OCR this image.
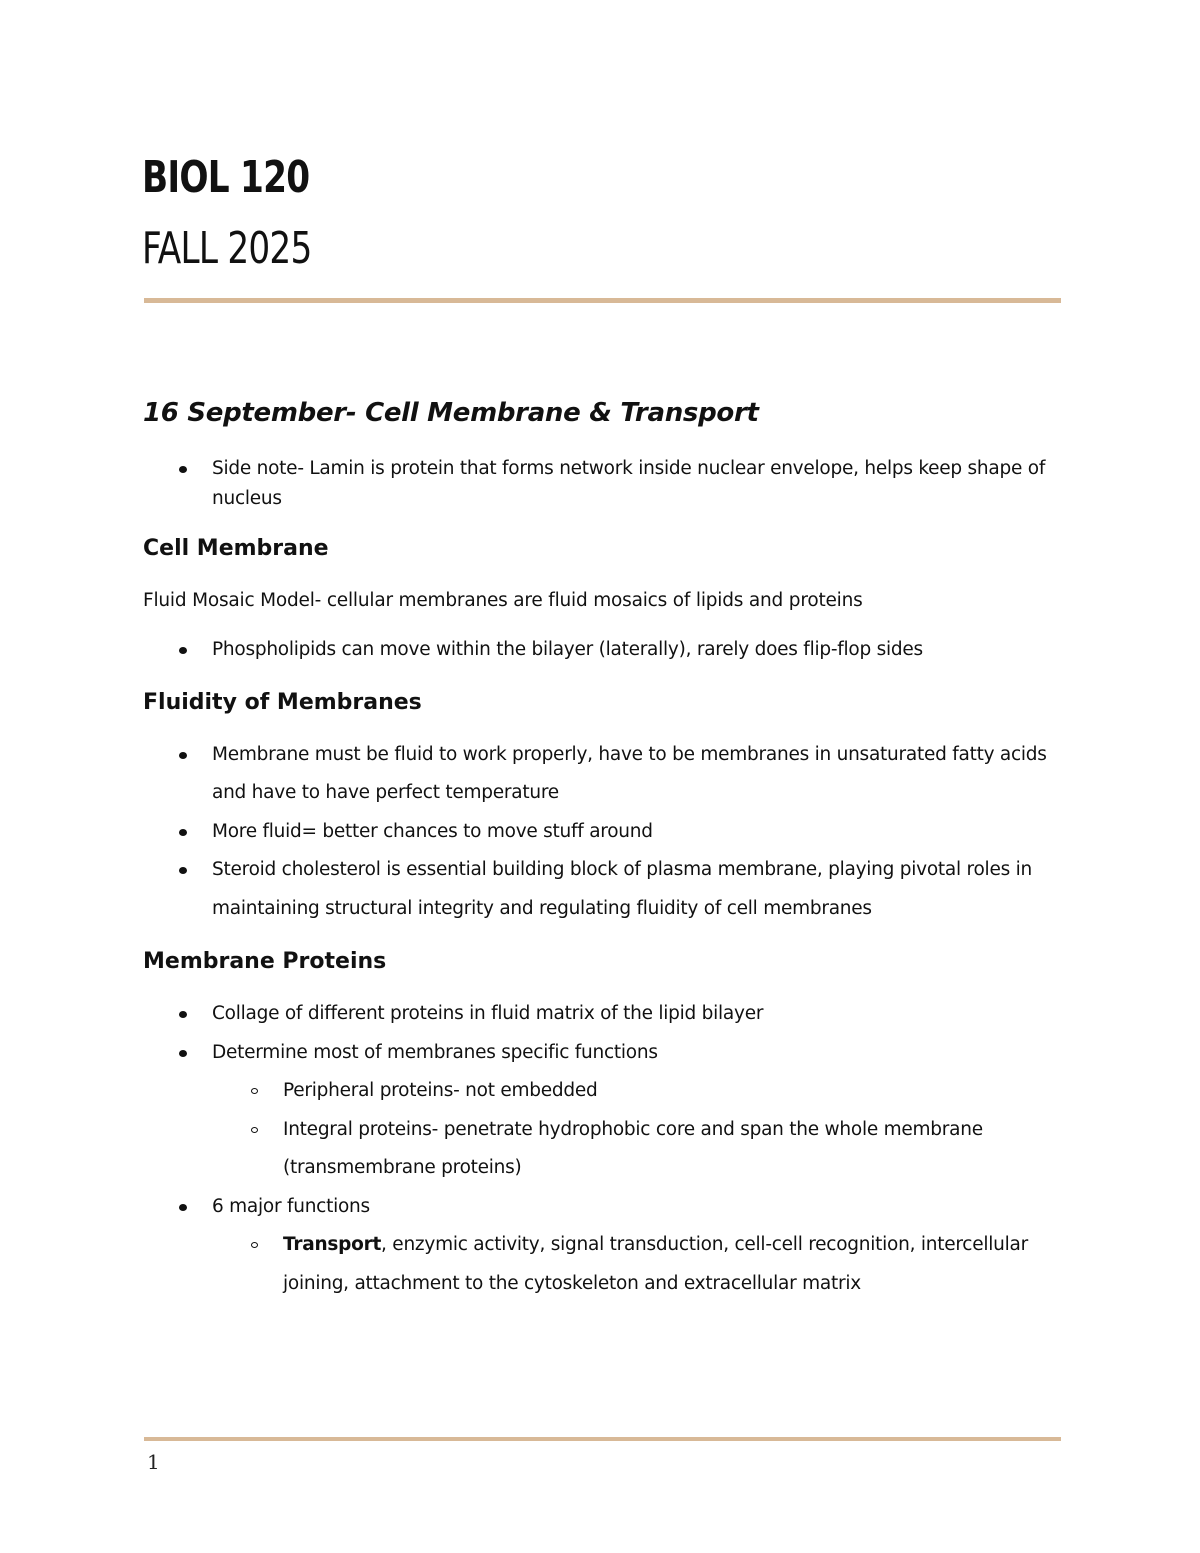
BIOL 120
FALL 2025
16 September- Cell Membrane & Transport
Side note- Lamin is protein that forms network inside nuclear envelope, helps keep shape of nucleus
Cell Membrane

Fluid Mosaic Model- cellular membranes are fluid mosaics of lipids and proteins

Phospholipids can move within the bilayer (laterally), rarely does flip-flop sides
Fluidity of Membranes
Membrane must be fluid to work properly, have to be membranes in unsaturated fatty acids and have to have perfect temperature
More fluid= better chances to move stuff around
Steroid cholesterol is essential building block of plasma membrane, playing pivotal roles in maintaining structural integrity and regulating fluidity of cell membranes
Membrane Proteins
Collage of different proteins in fluid matrix of the lipid bilayer
Determine most of membranes specific functions
Peripheral proteins- not embedded
Integral proteins- penetrate hydrophobic core and span the whole membrane (transmembrane proteins)
6 major functions
Transport, enzymic activity, signal transduction, cell-cell recognition, intercellular joining, attachment to the cytoskeleton and extracellular matrix
1
